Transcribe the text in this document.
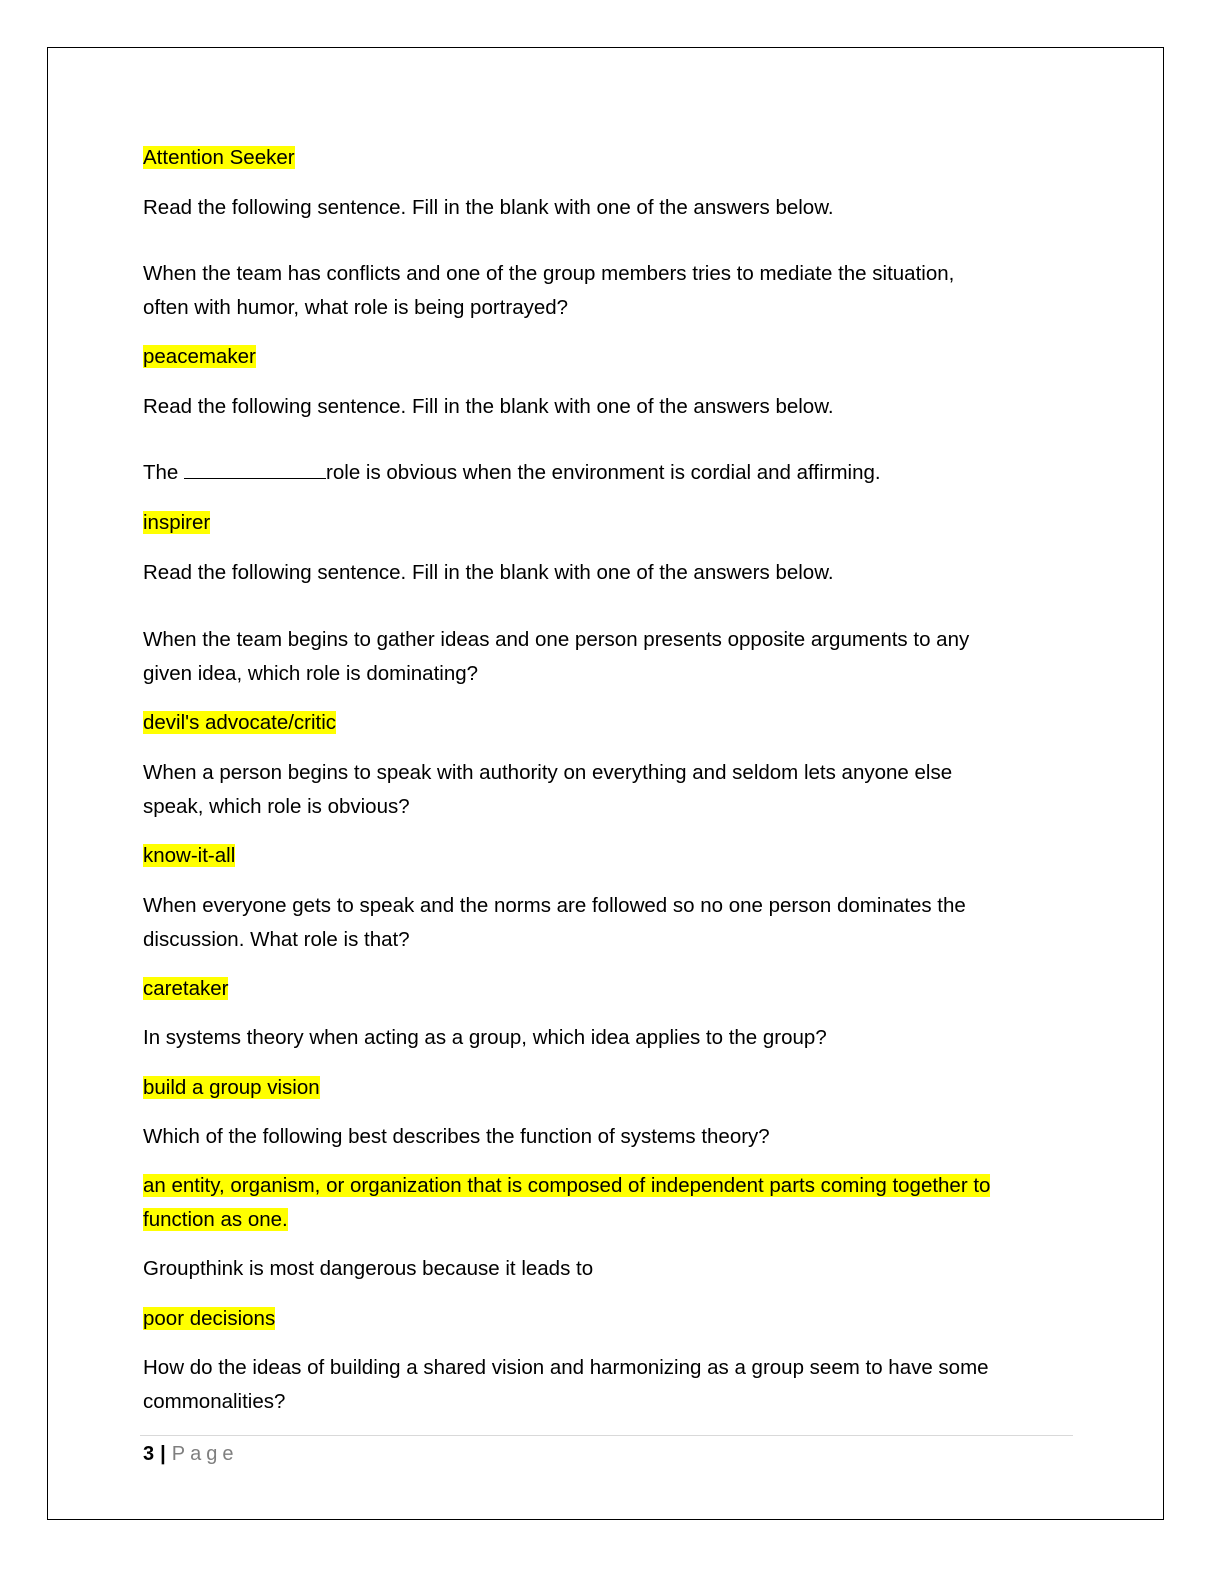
Attention Seeker
Read the following sentence. Fill in the blank with one of the answers below.
When the team has conflicts and one of the group members tries to mediate the situation,
often with humor, what role is being portrayed?
peacemaker
Read the following sentence. Fill in the blank with one of the answers below.
The	role is obvious when the environment is cordial and affirming.
inspirer
Read the following sentence. Fill in the blank with one of the answers below.
When the team begins to gather ideas and one person presents opposite arguments to any
given idea, which role is dominating?
devil's advocate/critic
When a person begins to speak with authority on everything and seldom lets anyone else
speak, which role is obvious?
know-it-all
When everyone gets to speak and the norms are followed so no one person dominates the
discussion. What role is that?
caretaker
In systems theory when acting as a group, which idea applies to the group?
build a group vision
Which of the following best describes the function of systems theory?
an entity, organism, or organization that is composed of independent parts coming together to
function as one.
Groupthink is most dangerous because it leads to
poor decisions
How do the ideas of building a shared vision and harmonizing as a group seem to have some
commonalities?
3 | Page
